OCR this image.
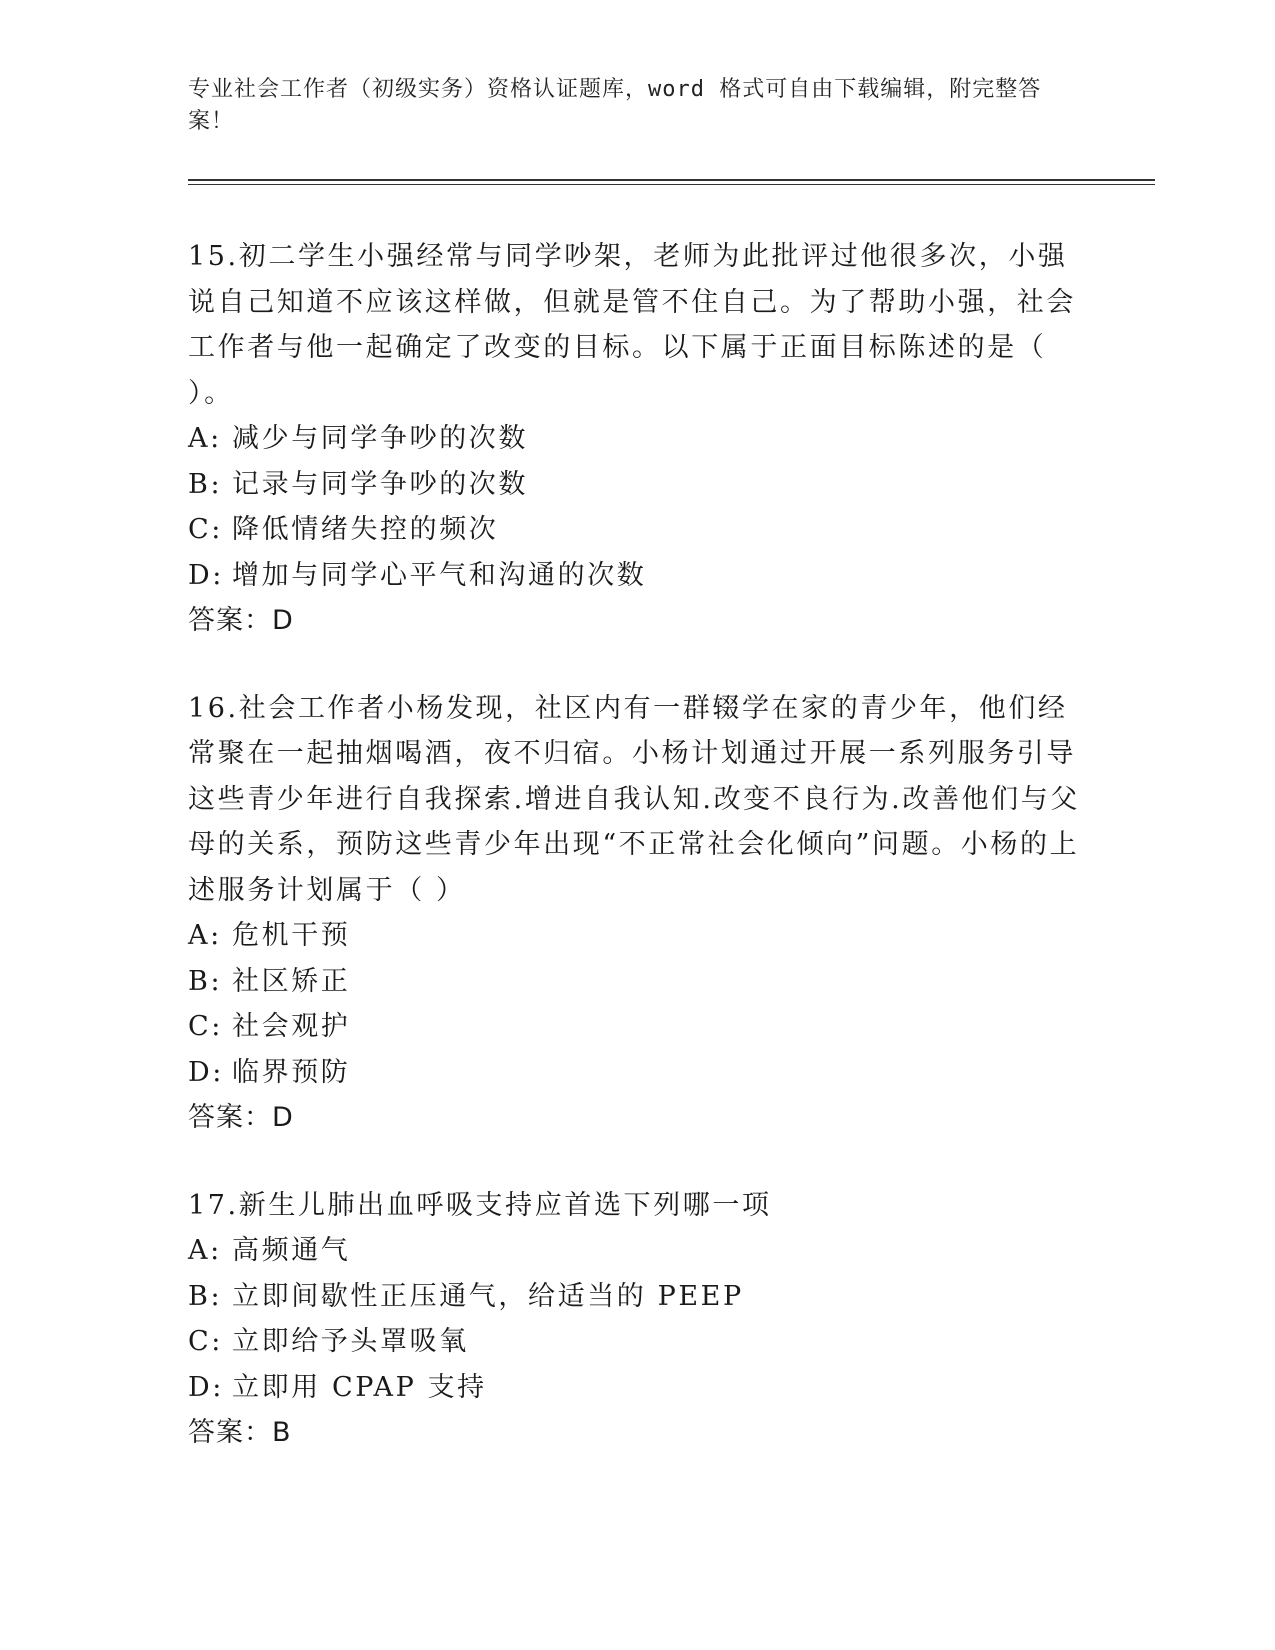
专业社会工作者（初级实务）资格认证题库，word 格式可自由下载编辑，附完整答案！

15.初二学生小强经常与同学吵架，老师为此批评过他很多次，小强说自己知道不应该这样做，但就是管不住自己。为了帮助小强，社会工作者与他一起确定了改变的目标。以下属于正面目标陈述的是（ ）。

A: 减少与同学争吵的次数
B: 记录与同学争吵的次数
C: 降低情绪失控的频次
D: 增加与同学心平气和沟通的次数
答案：D

16.社会工作者小杨发现，社区内有一群辍学在家的青少年，他们经常聚在一起抽烟喝酒，夜不归宿。小杨计划通过开展一系列服务引导这些青少年进行自我探索.增进自我认知.改变不良行为.改善他们与父母的关系，预防这些青少年出现“不正常社会化倾向”问题。小杨的上述服务计划属于（ ）

A: 危机干预
B: 社区矫正
C: 社会观护
D: 临界预防
答案：D

17.新生儿肺出血呼吸支持应首选下列哪一项

A: 高频通气
B: 立即间歇性正压通气，给适当的 PEEP
C: 立即给予头罩吸氧
D: 立即用 CPAP 支持
答案：B
